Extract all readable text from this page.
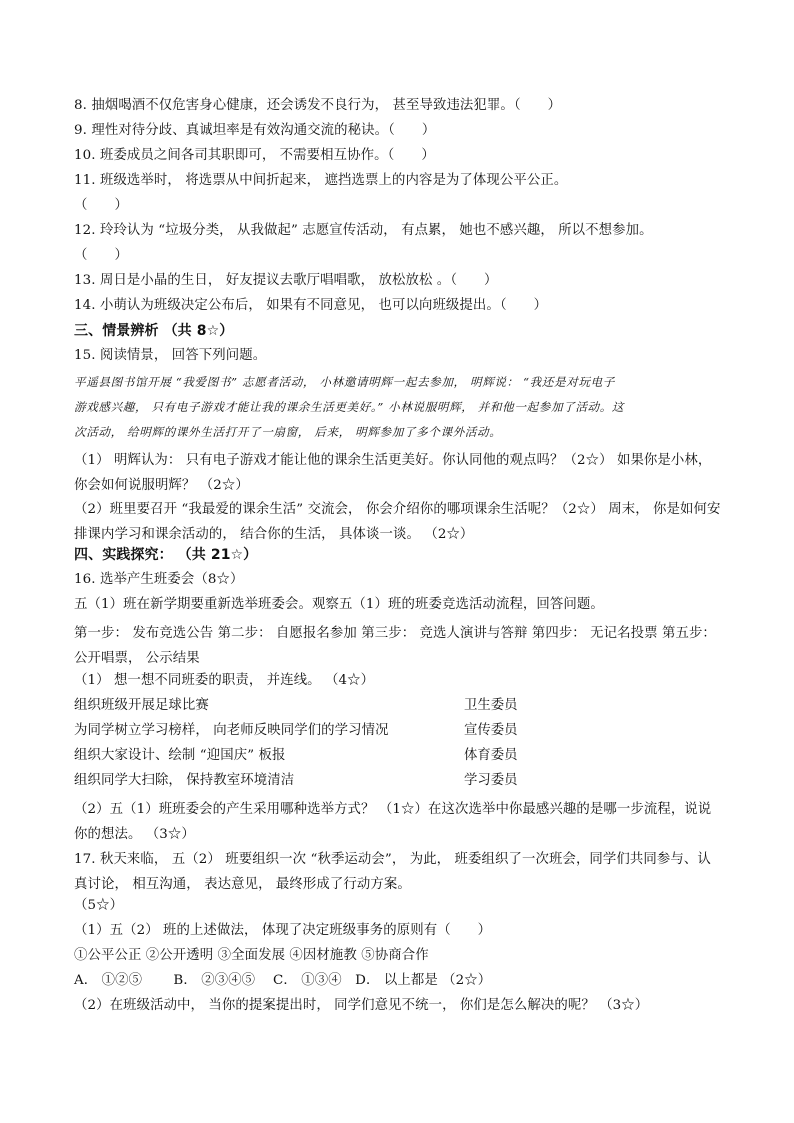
8. 抽烟喝酒不仅危害身心健康，还会诱发不良行为， 甚至导致违法犯罪。（　　）
9. 理性对待分歧、真诚坦率是有效沟通交流的秘诀。（　　）
10. 班委成员之间各司其职即可， 不需要相互协作。（　　）
11. 班级选举时， 将选票从中间折起来， 遮挡选票上的内容是为了体现公平公正。
（　　）
12. 玲玲认为 “垃圾分类， 从我做起” 志愿宣传活动， 有点累， 她也不感兴趣， 所以不想参加。
（　　）
13. 周日是小晶的生日， 好友提议去歌厅唱唱歌， 放松放松 。（　　）
14. 小萌认为班级决定公布后， 如果有不同意见， 也可以向班级提出。（　　）
三、情景辨析 （共 8☆）
15. 阅读情景， 回答下列问题。
平遥县图书馆开展 “我爱图书” 志愿者活动， 小林邀请明辉一起去参加， 明辉说： “我还是对玩电子
游戏感兴趣， 只有电子游戏才能让我的课余生活更美好。” 小林说服明辉， 并和他一起参加了活动。这
次活动， 给明辉的课外生活打开了一扇窗， 后来， 明辉参加了多个课外活动。
（1） 明辉认为： 只有电子游戏才能让他的课余生活更美好。你认同他的观点吗？（2☆） 如果你是小林， 你会如何说服明辉？ （2☆）
（2）班里要召开 “我最爱的课余生活” 交流会， 你会介绍你的哪项课余生活呢？（2☆） 周末， 你是如何安排课内学习和课余活动的， 结合你的生活， 具体谈一谈。 （2☆）
四、实践探究： （共 21☆）
16. 选举产生班委会（8☆）
五（1）班在新学期要重新选举班委会。观察五（1）班的班委竞选活动流程，回答问题。
第一步： 发布竞选公告 第二步： 自愿报名参加 第三步： 竞选人演讲与答辩 第四步： 无记名投票 第五步： 公开唱票， 公示结果
（1） 想一想不同班委的职责， 并连线。 （4☆）
组织班级开展足球比赛	卫生委员
为同学树立学习榜样， 向老师反映同学们的学习情况	宣传委员
组织大家设计、绘制 “迎国庆” 板报	体育委员
组织同学大扫除， 保持教室环境清洁	学习委员
（2）五（1）班班委会的产生采用哪种选举方式？ （1☆）在这次选举中你最感兴趣的是哪一步流程，说说你的想法。 （3☆）
17. 秋天来临， 五（2） 班要组织一次 “秋季运动会”， 为此， 班委组织了一次班会，同学们共同参与、认真讨论， 相互沟通， 表达意见， 最终形成了行动方案。
（5☆）
（1）五（2） 班的上述做法， 体现了决定班级事务的原则有（　　）
①公平公正 ②公开透明 ③全面发展 ④因材施教 ⑤协商合作
A． ①②⑤　　 B． ②③④⑤　 C． ①③④　D． 以上都是 （2☆）
（2）在班级活动中， 当你的提案提出时， 同学们意见不统一， 你们是怎么解决的呢？ （3☆）
